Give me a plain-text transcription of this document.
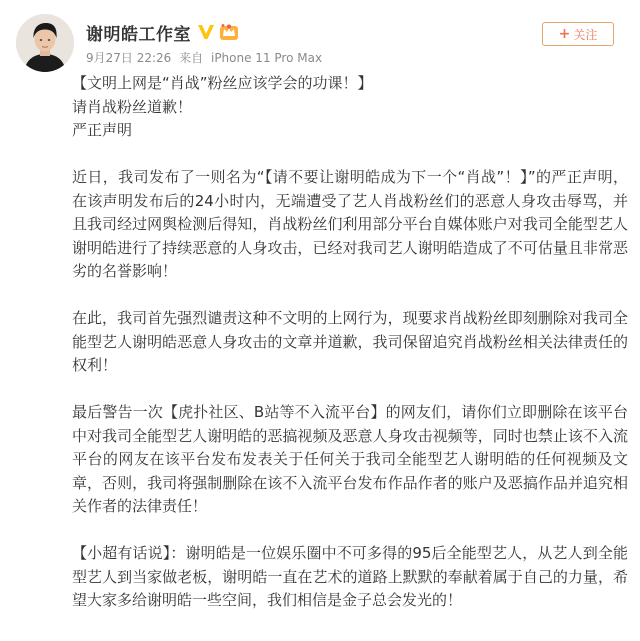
谢明皓工作室
9月27日 22:26 来自 iPhone 11 Pro Max
+ 关注

【文明上网是“肖战”粉丝应该学会的功课！】

请肖战粉丝道歉！

严正声明

近日，我司发布了一则名为“【请不要让谢明皓成为下一个“肖战”！】”的严正声明，在该声明发布后的24小时内，无端遭受了艺人肖战粉丝们的恶意人身攻击辱骂，并且我司经过网舆检测后得知，肖战粉丝们利用部分平台自媒体账户对我司全能型艺人谢明皓进行了持续恶意的人身攻击，已经对我司艺人谢明皓造成了不可估量且非常恶劣的名誉影响！

在此，我司首先强烈谴责这种不文明的上网行为，现要求肖战粉丝即刻删除对我司全能型艺人谢明皓恶意人身攻击的文章并道歉，我司保留追究肖战粉丝相关法律责任的权利！

最后警告一次【虎扑社区、B站等不入流平台】的网友们，请你们立即删除在该平台中对我司全能型艺人谢明皓的恶搞视频及恶意人身攻击视频等，同时也禁止该不入流平台的网友在该平台发布发表关于任何关于我司全能型艺人谢明皓的任何视频及文章，否则，我司将强制删除在该不入流平台发布作品作者的账户及恶搞作品并追究相关作者的法律责任！

【小超有话说】：谢明皓是一位娱乐圈中不可多得的95后全能型艺人，从艺人到全能型艺人到当家做老板，谢明皓一直在艺术的道路上默默的奉献着属于自己的力量，希望大家多给谢明皓一些空间，我们相信是金子总会发光的！
